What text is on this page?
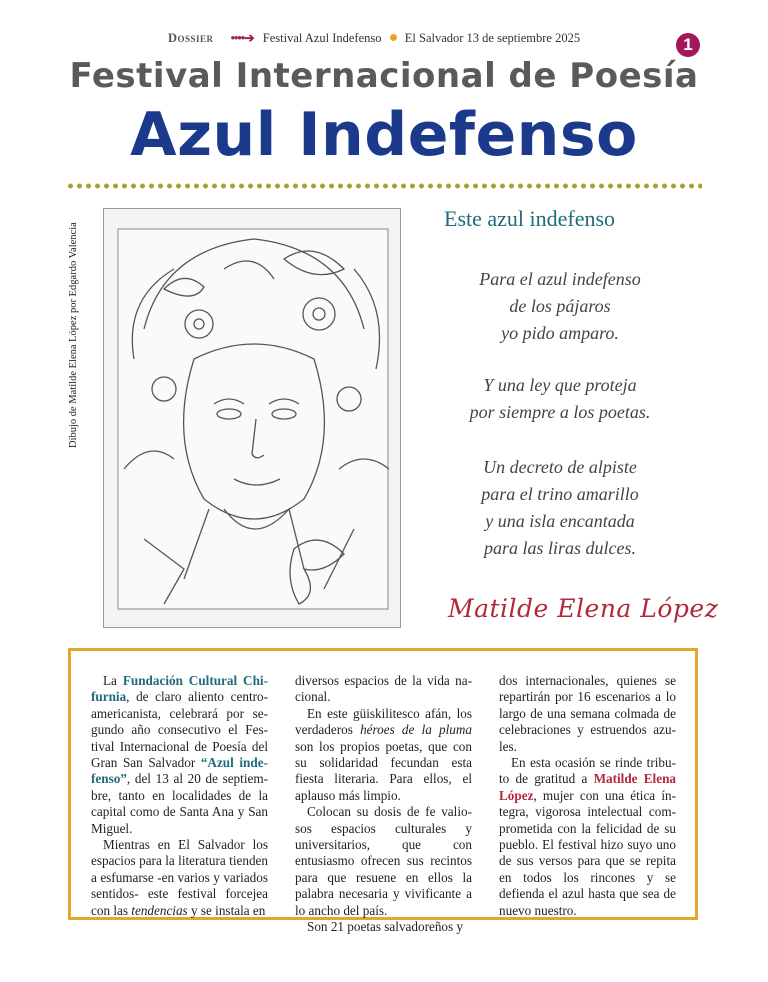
Dossier ••••➔ Festival Azul Indefenso El Salvador 13 de septiembre 2025	1
Festival Internacional de Poesía
Azul Indefenso
Dibujo de Matilde Elena López por Edgardo Valencia
Este azul indefenso
Para el azul indefenso
de los pájaros
yo pido amparo.
Y una ley que proteja
por siempre a los poetas.
Un decreto de alpiste
para el trino amarillo
y una isla encantada
para las liras dulces.
Matilde Elena López

La Fundación Cultural Chifurnia, de claro aliento centroamericanista, celebrará por segundo año consecutivo el Festival Internacional de Poesía del Gran San Salvador “Azul indefenso”, del 13 al 20 de septiembre, tanto en localidades de la capital como de Santa Ana y San Miguel.

Mientras en El Salvador los espacios para la literatura tienden a esfumarse -en varios y variados sentidos- este festival forcejea con las tendencias y se instala en

diversos espacios de la vida nacional.

En este güiskilitesco afán, los verdaderos héroes de la pluma son los propios poetas, que con su solidaridad fecundan esta fiesta literaria. Para ellos, el aplauso más limpio.

Colocan su dosis de fe valiosos espacios culturales y universitarios, que con entusiasmo ofrecen sus recintos para que resuene en ellos la palabra necesaria y vivificante a lo ancho del país.

Son 21 poetas salvadoreños y

dos internacionales, quienes se repartirán por 16 escenarios a lo largo de una semana colmada de celebraciones y estruendos azules.

En esta ocasión se rinde tributo de gratitud a Matilde Elena López, mujer con una ética íntegra, vigorosa intelectual comprometida con la felicidad de su pueblo. El festival hizo suyo uno de sus versos para que se repita en todos los rincones y se defienda el azul hasta que sea de nuevo nuestro.
